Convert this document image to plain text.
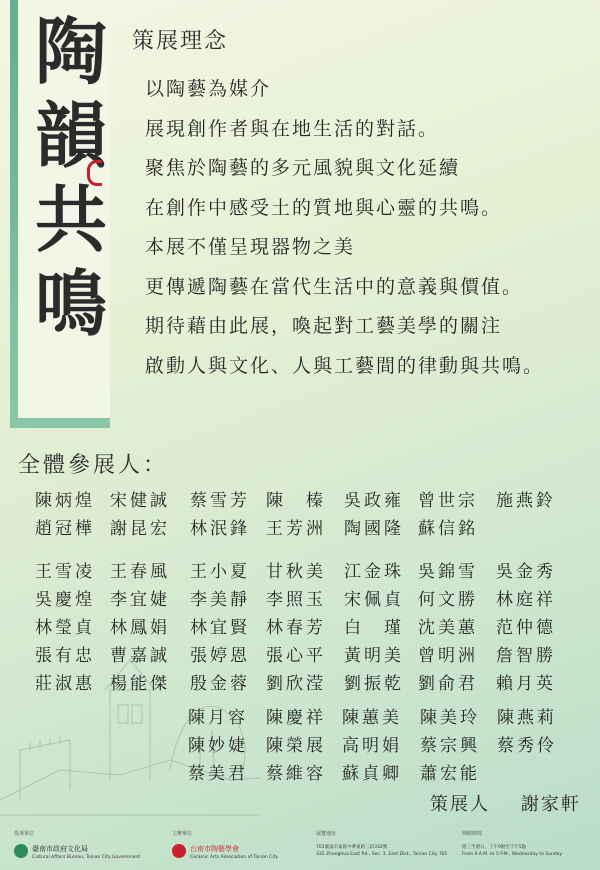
陶
韻
共
鳴
策展理念
以陶藝為媒介
展現創作者與在地生活的對話。
聚焦於陶藝的多元風貌與文化延續
在創作中感受土的質地與心靈的共鳴。
本展不僅呈現器物之美
更傳遞陶藝在當代生活中的意義與價值。
期待藉由此展，喚起對工藝美學的關注
啟動人與文化、人與工藝間的律動與共鳴。
全體參展人：
陳炳煌 宋健誠 蔡雪芳 陳　榛 吳政雍 曾世宗 施燕鈴
趙冠樺 謝昆宏 林泯鋒 王芳洲 陶國隆 蘇信銘
王雪凌 王春風 王小夏 甘秋美 江金珠 吳錦雪 吳金秀
吳慶煌 李宜婕 李美靜 李照玉 宋佩貞 何文勝 林庭祥
林瑩貞 林鳳娟 林宜賢 林春芳 白　瑾 沈美蕙 范仲德
張有忠 曹嘉誠 張婷恩 張心平 黃明美 曾明洲 詹智勝
莊淑惠 楊能傑 殷金蓉 劉欣滢 劉振乾 劉俞君 賴月英
陳月容 陳慶祥 陳蕙美 陳美玲 陳燕莉
陳妙婕 陳榮展 高明娟 蔡宗興 蔡秀伶
蔡美君 蔡維容 蘇貞卿 蕭宏能
策展人 謝家軒
指導單位
臺南市政府文化局
Cultural Affairs Bureau, Tainan City Government
主辦單位
台南市陶藝學會
Ceramic Arts Association of Tainan City
展覽地址
701臺南市東區中華東路三段332號
332 Zhonghua East Rd., Sec. 3, East Dist., Tainan City 701
開館時間
週三至週日，上午9點至下午5點
From 9 A.M. to 5 P.M., Wednesday to Sunday
